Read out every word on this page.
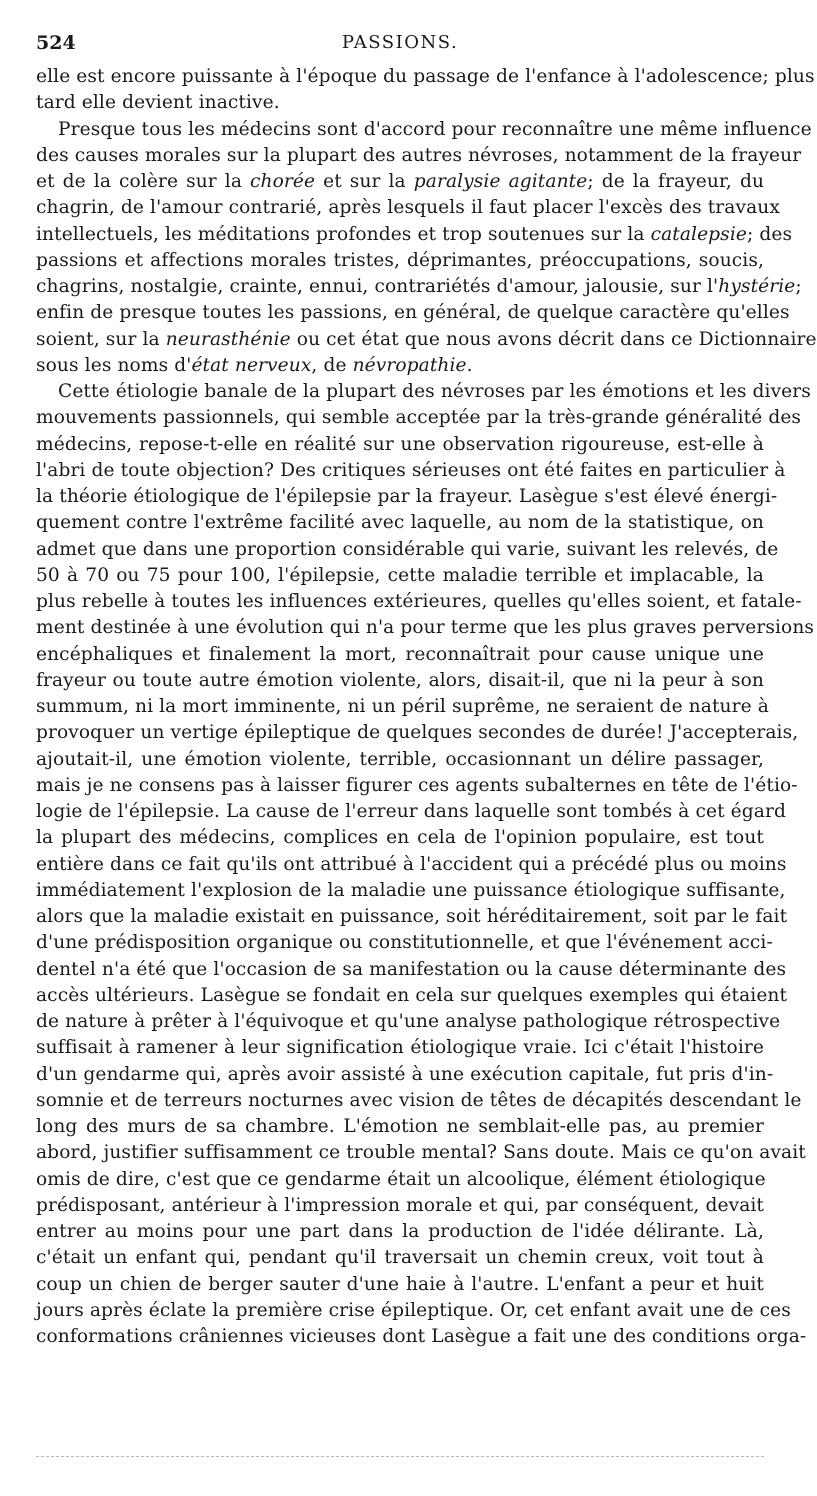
524	PASSIONS.
elle est encore puissante à l'époque du passage de l'enfance à l'adolescence; plus
tard elle devient inactive.
Presque tous les médecins sont d'accord pour reconnaître une même influence
des causes morales sur la plupart des autres névroses, notamment de la frayeur
et de la colère sur la chorée et sur la paralysie agitante; de la frayeur, du
chagrin, de l'amour contrarié, après lesquels il faut placer l'excès des travaux
intellectuels, les méditations profondes et trop soutenues sur la catalepsie; des
passions et affections morales tristes, déprimantes, préoccupations, soucis,
chagrins, nostalgie, crainte, ennui, contrariétés d'amour, jalousie, sur l'hystérie;
enfin de presque toutes les passions, en général, de quelque caractère qu'elles
soient, sur la neurasthénie ou cet état que nous avons décrit dans ce Dictionnaire
sous les noms d'état nerveux, de névropathie.
Cette étiologie banale de la plupart des névroses par les émotions et les divers
mouvements passionnels, qui semble acceptée par la très-grande généralité des
médecins, repose-t-elle en réalité sur une observation rigoureuse, est-elle à
l'abri de toute objection? Des critiques sérieuses ont été faites en particulier à
la théorie étiologique de l'épilepsie par la frayeur. Lasègue s'est élevé énergi-
quement contre l'extrême facilité avec laquelle, au nom de la statistique, on
admet que dans une proportion considérable qui varie, suivant les relevés, de
50 à 70 ou 75 pour 100, l'épilepsie, cette maladie terrible et implacable, la
plus rebelle à toutes les influences extérieures, quelles qu'elles soient, et fatale-
ment destinée à une évolution qui n'a pour terme que les plus graves perversions
encéphaliques et finalement la mort, reconnaîtrait pour cause unique une
frayeur ou toute autre émotion violente, alors, disait-il, que ni la peur à son
summum, ni la mort imminente, ni un péril suprême, ne seraient de nature à
provoquer un vertige épileptique de quelques secondes de durée! J'accepterais,
ajoutait-il, une émotion violente, terrible, occasionnant un délire passager,
mais je ne consens pas à laisser figurer ces agents subalternes en tête de l'étio-
logie de l'épilepsie. La cause de l'erreur dans laquelle sont tombés à cet égard
la plupart des médecins, complices en cela de l'opinion populaire, est tout
entière dans ce fait qu'ils ont attribué à l'accident qui a précédé plus ou moins
immédiatement l'explosion de la maladie une puissance étiologique suffisante,
alors que la maladie existait en puissance, soit héréditairement, soit par le fait
d'une prédisposition organique ou constitutionnelle, et que l'événement acci-
dentel n'a été que l'occasion de sa manifestation ou la cause déterminante des
accès ultérieurs. Lasègue se fondait en cela sur quelques exemples qui étaient
de nature à prêter à l'équivoque et qu'une analyse pathologique rétrospective
suffisait à ramener à leur signification étiologique vraie. Ici c'était l'histoire
d'un gendarme qui, après avoir assisté à une exécution capitale, fut pris d'in-
somnie et de terreurs nocturnes avec vision de têtes de décapités descendant le
long des murs de sa chambre. L'émotion ne semblait-elle pas, au premier
abord, justifier suffisamment ce trouble mental? Sans doute. Mais ce qu'on avait
omis de dire, c'est que ce gendarme était un alcoolique, élément étiologique
prédisposant, antérieur à l'impression morale et qui, par conséquent, devait
entrer au moins pour une part dans la production de l'idée délirante. Là,
c'était un enfant qui, pendant qu'il traversait un chemin creux, voit tout à
coup un chien de berger sauter d'une haie à l'autre. L'enfant a peur et huit
jours après éclate la première crise épileptique. Or, cet enfant avait une de ces
conformations crâniennes vicieuses dont Lasègue a fait une des conditions orga-
